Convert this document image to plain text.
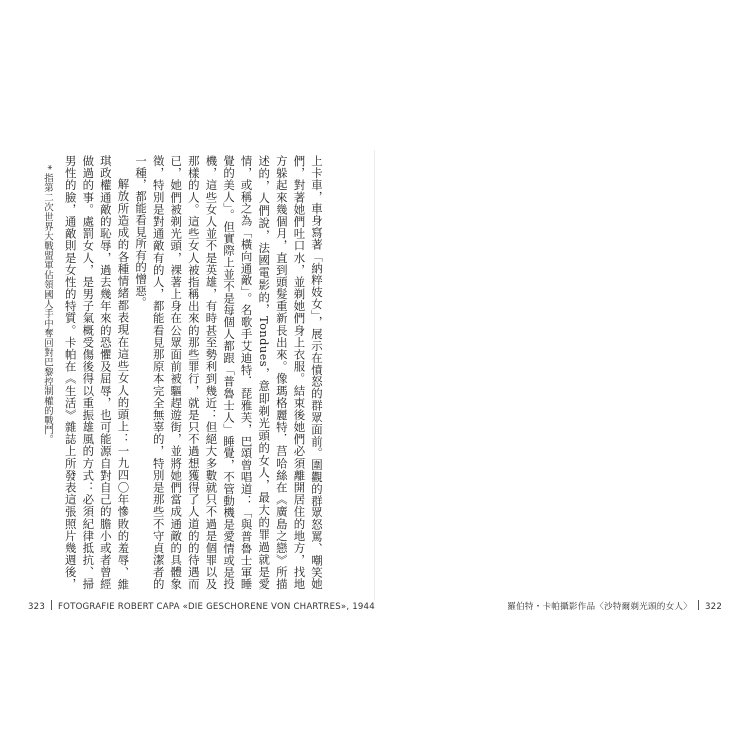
* 指第二次世界大戰盟軍佔領國人手中奪回對巴黎控制權的戰鬥。	上卡車，車身寫著「納粹妓女」，展示在憤怒的群眾面前。圍觀的群眾怒罵、嘲笑她們，對著她們吐口水，並剃她們身上衣服。結束後她們必須離開居住的地方，找地方躲起來幾個月，直到頭髮重新長出來。像瑪格麗特．莒哈絲在《廣島之戀》所描述的，人們說，法國電影的，Tondues，意即剃光頭的女人，最大的罪過就是愛情，或稱之為「橫向通敵」。名歌手艾迪特．琵雅芙，巴頌曾唱道：「與普魯士軍睡覺的美人」。但實際上並不是每個人都跟「普魯士人」睡覺，不管動機是愛情或是投機，這些女人並不是英雄，有時甚至勢利到幾近：但絕大多數就只不過是個罪以及那樣的人。這些女人被指稱出來的那些罪行，就是只不過想獲得了人道的的待遇而已，她們被剃光頭，裸著上身在公眾面前被驅趕遊街，並將她們當成通敵的具體象徵，特別是對通敵有的人，都能看見那原本完全無辜的，特別是那些不守貞潔者的一種，都能看見所有的憎惡。

解放所造成的各種情緒都表現在這些女人的頭上：一九四〇年慘敗的羞辱、維琪政權通敵的恥辱，過去幾年來的恐懼及屈辱，也可能源自對自己的膽小或者曾經做過的事。處罰女人，是男子氣概受傷後得以重振雄風的方式：必須紀律抵抗、掃男性的臉，通敵則是女性的特質。卡帕在《生活》雜誌上所發表這張照片幾週後，

323 FOTOGRAFIE ROBERT CAPA «DIE GESCHORENE VON CHARTRES», 1944	羅伯特・卡帕攝影作品〈沙特爾剃光頭的女人〉 322
